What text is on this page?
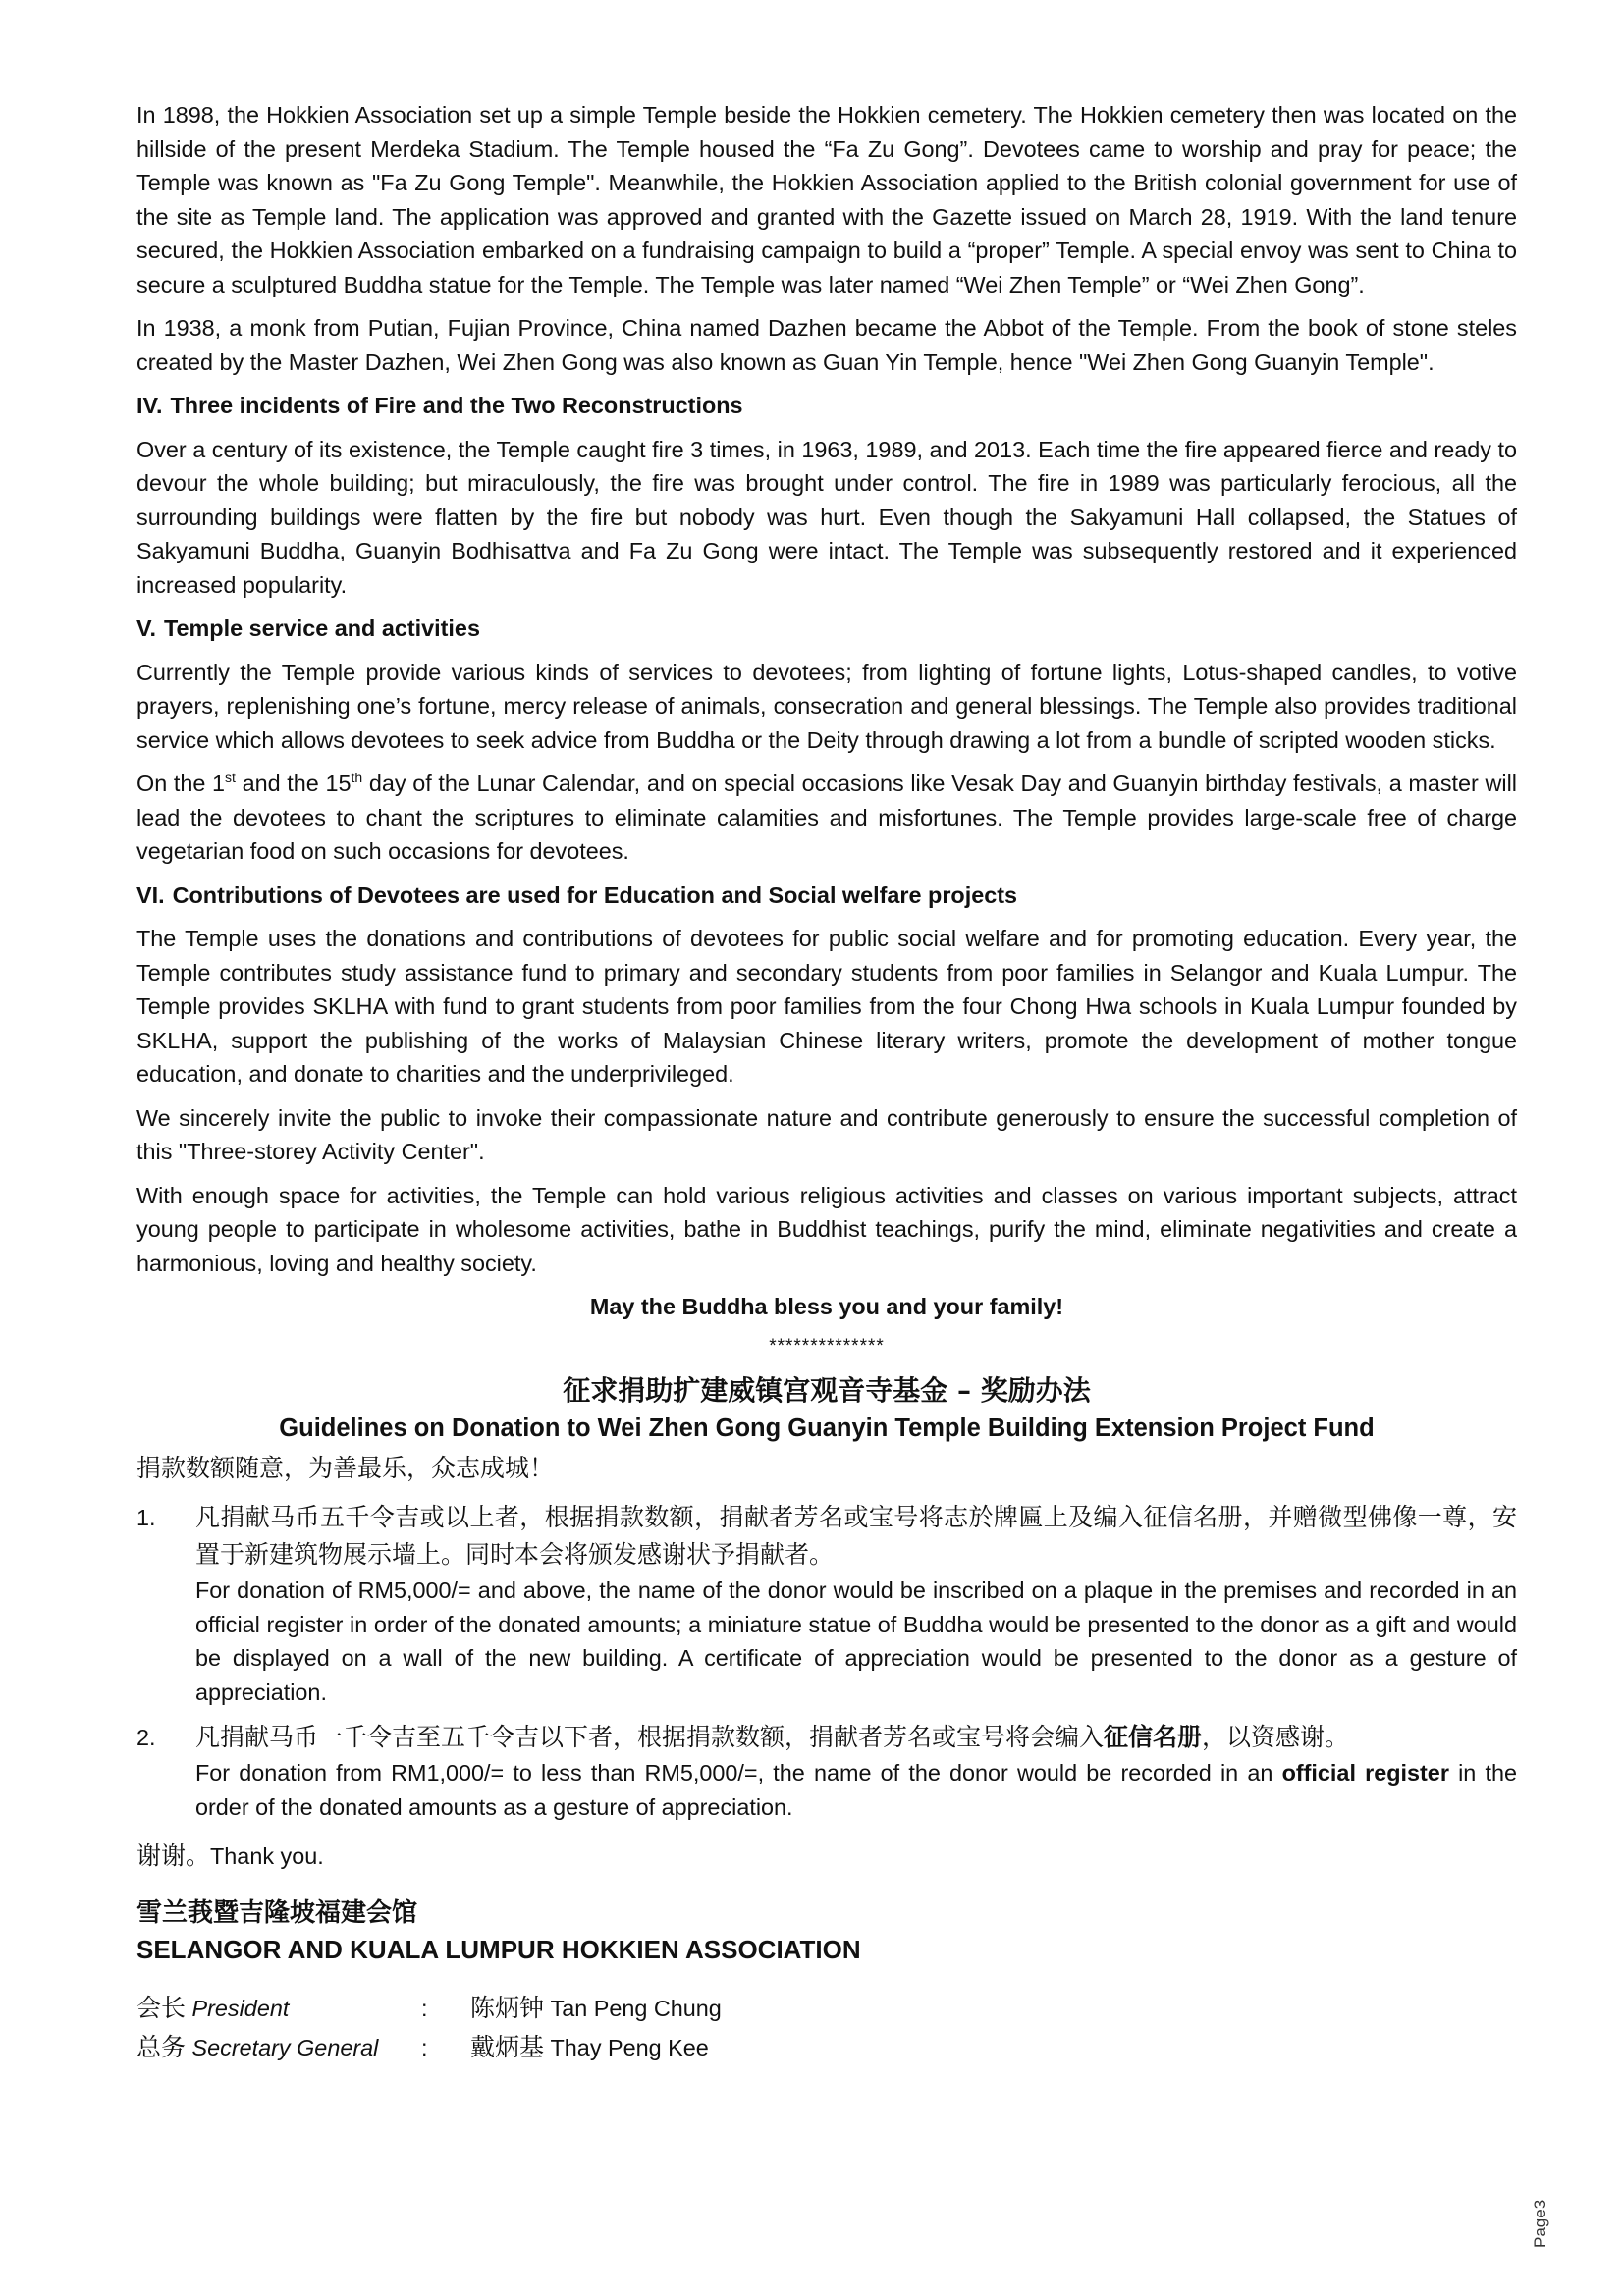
In 1898, the Hokkien Association set up a simple Temple beside the Hokkien cemetery. The Hokkien cemetery then was located on the hillside of the present Merdeka Stadium. The Temple housed the “Fa Zu Gong”. Devotees came to worship and pray for peace; the Temple was known as "Fa Zu Gong Temple". Meanwhile, the Hokkien Association applied to the British colonial government for use of the site as Temple land. The application was approved and granted with the Gazette issued on March 28, 1919. With the land tenure secured, the Hokkien Association embarked on a fundraising campaign to build a “proper” Temple. A special envoy was sent to China to secure a sculptured Buddha statue for the Temple. The Temple was later named “Wei Zhen Temple” or “Wei Zhen Gong”.

In 1938, a monk from Putian, Fujian Province, China named Dazhen became the Abbot of the Temple. From the book of stone steles created by the Master Dazhen, Wei Zhen Gong was also known as Guan Yin Temple, hence "Wei Zhen Gong Guanyin Temple".

IV. Three incidents of Fire and the Two Reconstructions

Over a century of its existence, the Temple caught fire 3 times, in 1963, 1989, and 2013. Each time the fire appeared fierce and ready to devour the whole building; but miraculously, the fire was brought under control. The fire in 1989 was particularly ferocious, all the surrounding buildings were flatten by the fire but nobody was hurt. Even though the Sakyamuni Hall collapsed, the Statues of Sakyamuni Buddha, Guanyin Bodhisattva and Fa Zu Gong were intact. The Temple was subsequently restored and it experienced increased popularity.

V. Temple service and activities

Currently the Temple provide various kinds of services to devotees; from lighting of fortune lights, Lotus-shaped candles, to votive prayers, replenishing one’s fortune, mercy release of animals, consecration and general blessings. The Temple also provides traditional service which allows devotees to seek advice from Buddha or the Deity through drawing a lot from a bundle of scripted wooden sticks.

On the 1st and the 15th day of the Lunar Calendar, and on special occasions like Vesak Day and Guanyin birthday festivals, a master will lead the devotees to chant the scriptures to eliminate calamities and misfortunes. The Temple provides large-scale free of charge vegetarian food on such occasions for devotees.

VI. Contributions of Devotees are used for Education and Social welfare projects

The Temple uses the donations and contributions of devotees for public social welfare and for promoting education. Every year, the Temple contributes study assistance fund to primary and secondary students from poor families in Selangor and Kuala Lumpur. The Temple provides SKLHA with fund to grant students from poor families from the four Chong Hwa schools in Kuala Lumpur founded by SKLHA, support the publishing of the works of Malaysian Chinese literary writers, promote the development of mother tongue education, and donate to charities and the underprivileged.

We sincerely invite the public to invoke their compassionate nature and contribute generously to ensure the successful completion of this "Three-storey Activity Center".

With enough space for activities, the Temple can hold various religious activities and classes on various important subjects, attract young people to participate in wholesome activities, bathe in Buddhist teachings, purify the mind, eliminate negativities and create a harmonious, loving and healthy society.

May the Buddha bless you and your family!

**************

征求捐助扩建威镇宫观音寺基金 – 奖励办法

Guidelines on Donation to Wei Zhen Gong Guanyin Temple Building Extension Project Fund

捐款数额随意，为善最乐，众志成城！

1.	凡捐献马币五千令吉或以上者，根据捐款数额，捐献者芳名或宝号将志於牌匾上及编入征信名册，并赠微型佛像一尊，安置于新建筑物展示墙上。同时本会将颁发感谢状予捐献者。

For donation of RM5,000/= and above, the name of the donor would be inscribed on a plaque in the premises and recorded in an official register in order of the donated amounts; a miniature statue of Buddha would be presented to the donor as a gift and would be displayed on a wall of the new building. A certificate of appreciation would be presented to the donor as a gesture of appreciation.

2.	凡捐献马币一千令吉至五千令吉以下者，根据捐款数额，捐献者芳名或宝号将会编入征信名册，以资感谢。

For donation from RM1,000/= to less than RM5,000/=, the name of the donor would be recorded in an official register in the order of the donated amounts as a gesture of appreciation.

谢谢。Thank you.

雪兰莪暨吉隆坡福建会馆

SELANGOR AND KUALA LUMPUR HOKKIEN ASSOCIATION

会长 President	:	陈炳钟 Tan Peng Chung
总务 Secretary General	:	戴炳基 Thay Peng Kee
Page3
